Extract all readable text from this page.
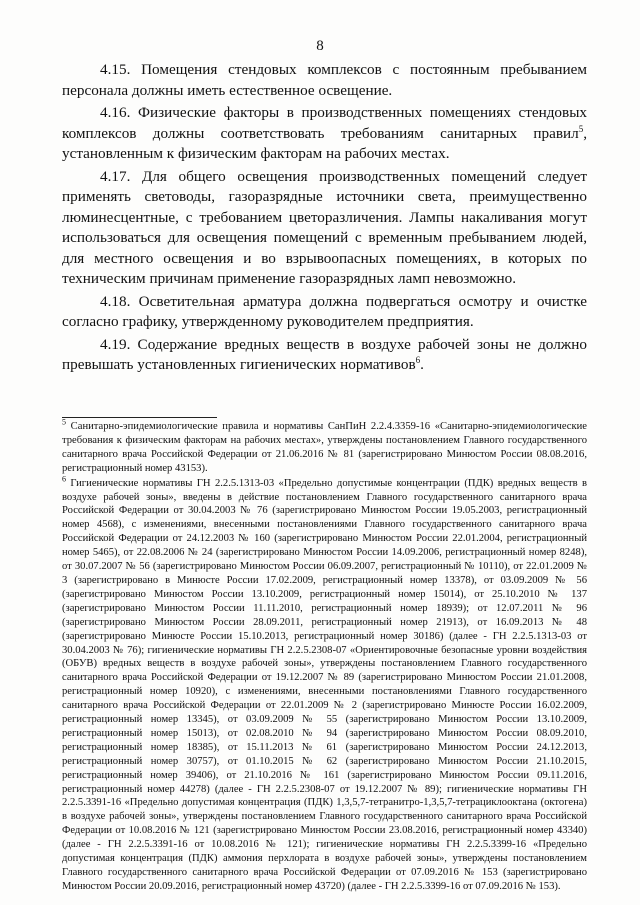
8

4.15. Помещения стендовых комплексов с постоянным пребыванием персонала должны иметь естественное освещение.

4.16. Физические факторы в производственных помещениях стендовых комплексов должны соответствовать требованиям санитарных правил$^5$, установленным к физическим факторам на рабочих местах.

4.17. Для общего освещения производственных помещений следует применять световоды, газоразрядные источники света, преимущественно люминесцентные, с требованием цветоразличения. Лампы накаливания могут использоваться для освещения помещений с временным пребыванием людей, для местного освещения и во взрывоопасных помещениях, в которых по техническим причинам применение газоразрядных ламп невозможно.

4.18. Осветительная арматура должна подвергаться осмотру и очистке согласно графику, утвержденному руководителем предприятия.

4.19. Содержание вредных веществ в воздухе рабочей зоны не должно превышать установленных гигиенических нормативов$^6$.

$^5$ Санитарно-эпидемиологические правила и нормативы СанПиН 2.2.4.3359-16 «Санитарно-эпидемиологические требования к физическим факторам на рабочих местах», утверждены постановлением Главного государственного санитарного врача Российской Федерации от 21.06.2016 № 81 (зарегистрировано Минюстом России 08.08.2016, регистрационный номер 43153).

$^6$ Гигиенические нормативы ГН 2.2.5.1313-03 «Предельно допустимые концентрации (ПДК) вредных веществ в воздухе рабочей зоны», введены в действие постановлением Главного государственного санитарного врача Российской Федерации от 30.04.2003 № 76 (зарегистрировано Минюстом России 19.05.2003, регистрационный номер 4568), с изменениями, внесенными постановлениями Главного государственного санитарного врача Российской Федерации от 24.12.2003 № 160 (зарегистрировано Минюстом России 22.01.2004, регистрационный номер 5465), от 22.08.2006 № 24 (зарегистрировано Минюстом России 14.09.2006, регистрационный номер 8248), от 30.07.2007 № 56 (зарегистрировано Минюстом России 06.09.2007, регистрационный № 10110), от 22.01.2009 № 3 (зарегистрировано в Минюсте России 17.02.2009, регистрационный номер 13378), от 03.09.2009 № 56 (зарегистрировано Минюстом России 13.10.2009, регистрационный номер 15014), от 25.10.2010 № 137 (зарегистрировано Минюстом России 11.11.2010, регистрационный номер 18939); от 12.07.2011 № 96 (зарегистрировано Минюстом России 28.09.2011, регистрационный номер 21913), от 16.09.2013 № 48 (зарегистрировано Минюсте России 15.10.2013, регистрационный номер 30186) (далее - ГН 2.2.5.1313-03 от 30.04.2003 № 76); гигиенические нормативы ГН 2.2.5.2308-07 «Ориентировочные безопасные уровни воздействия (ОБУВ) вредных веществ в воздухе рабочей зоны», утверждены постановлением Главного государственного санитарного врача Российской Федерации от 19.12.2007 № 89 (зарегистрировано Минюстом России 21.01.2008, регистрационный номер 10920), с изменениями, внесенными постановлениями Главного государственного санитарного врача Российской Федерации от 22.01.2009 № 2 (зарегистрировано Минюсте России 16.02.2009, регистрационный номер 13345), от 03.09.2009 № 55 (зарегистрировано Минюстом России 13.10.2009, регистрационный номер 15013), от 02.08.2010 № 94 (зарегистрировано Минюстом России 08.09.2010, регистрационный номер 18385), от 15.11.2013 № 61 (зарегистрировано Минюстом России 24.12.2013, регистрационный номер 30757), от 01.10.2015 № 62 (зарегистрировано Минюстом России 21.10.2015, регистрационный номер 39406), от 21.10.2016 № 161 (зарегистрировано Минюстом России 09.11.2016, регистрационный номер 44278) (далее - ГН 2.2.5.2308-07 от 19.12.2007 № 89); гигиенические нормативы ГН 2.2.5.3391-16 «Предельно допустимая концентрация (ПДК) 1,3,5,7-тетранитро-1,3,5,7-тетрациклооктана (октогена) в воздухе рабочей зоны», утверждены постановлением Главного государственного санитарного врача Российской Федерации от 10.08.2016 № 121 (зарегистрировано Минюстом России 23.08.2016, регистрационный номер 43340) (далее - ГН 2.2.5.3391-16 от 10.08.2016 № 121); гигиенические нормативы ГН 2.2.5.3399-16 «Предельно допустимая концентрация (ПДК) аммония перхлората в воздухе рабочей зоны», утверждены постановлением Главного государственного санитарного врача Российской Федерации от 07.09.2016 № 153 (зарегистрировано Минюстом России 20.09.2016, регистрационный номер 43720) (далее - ГН 2.2.5.3399-16 от 07.09.2016 № 153).
